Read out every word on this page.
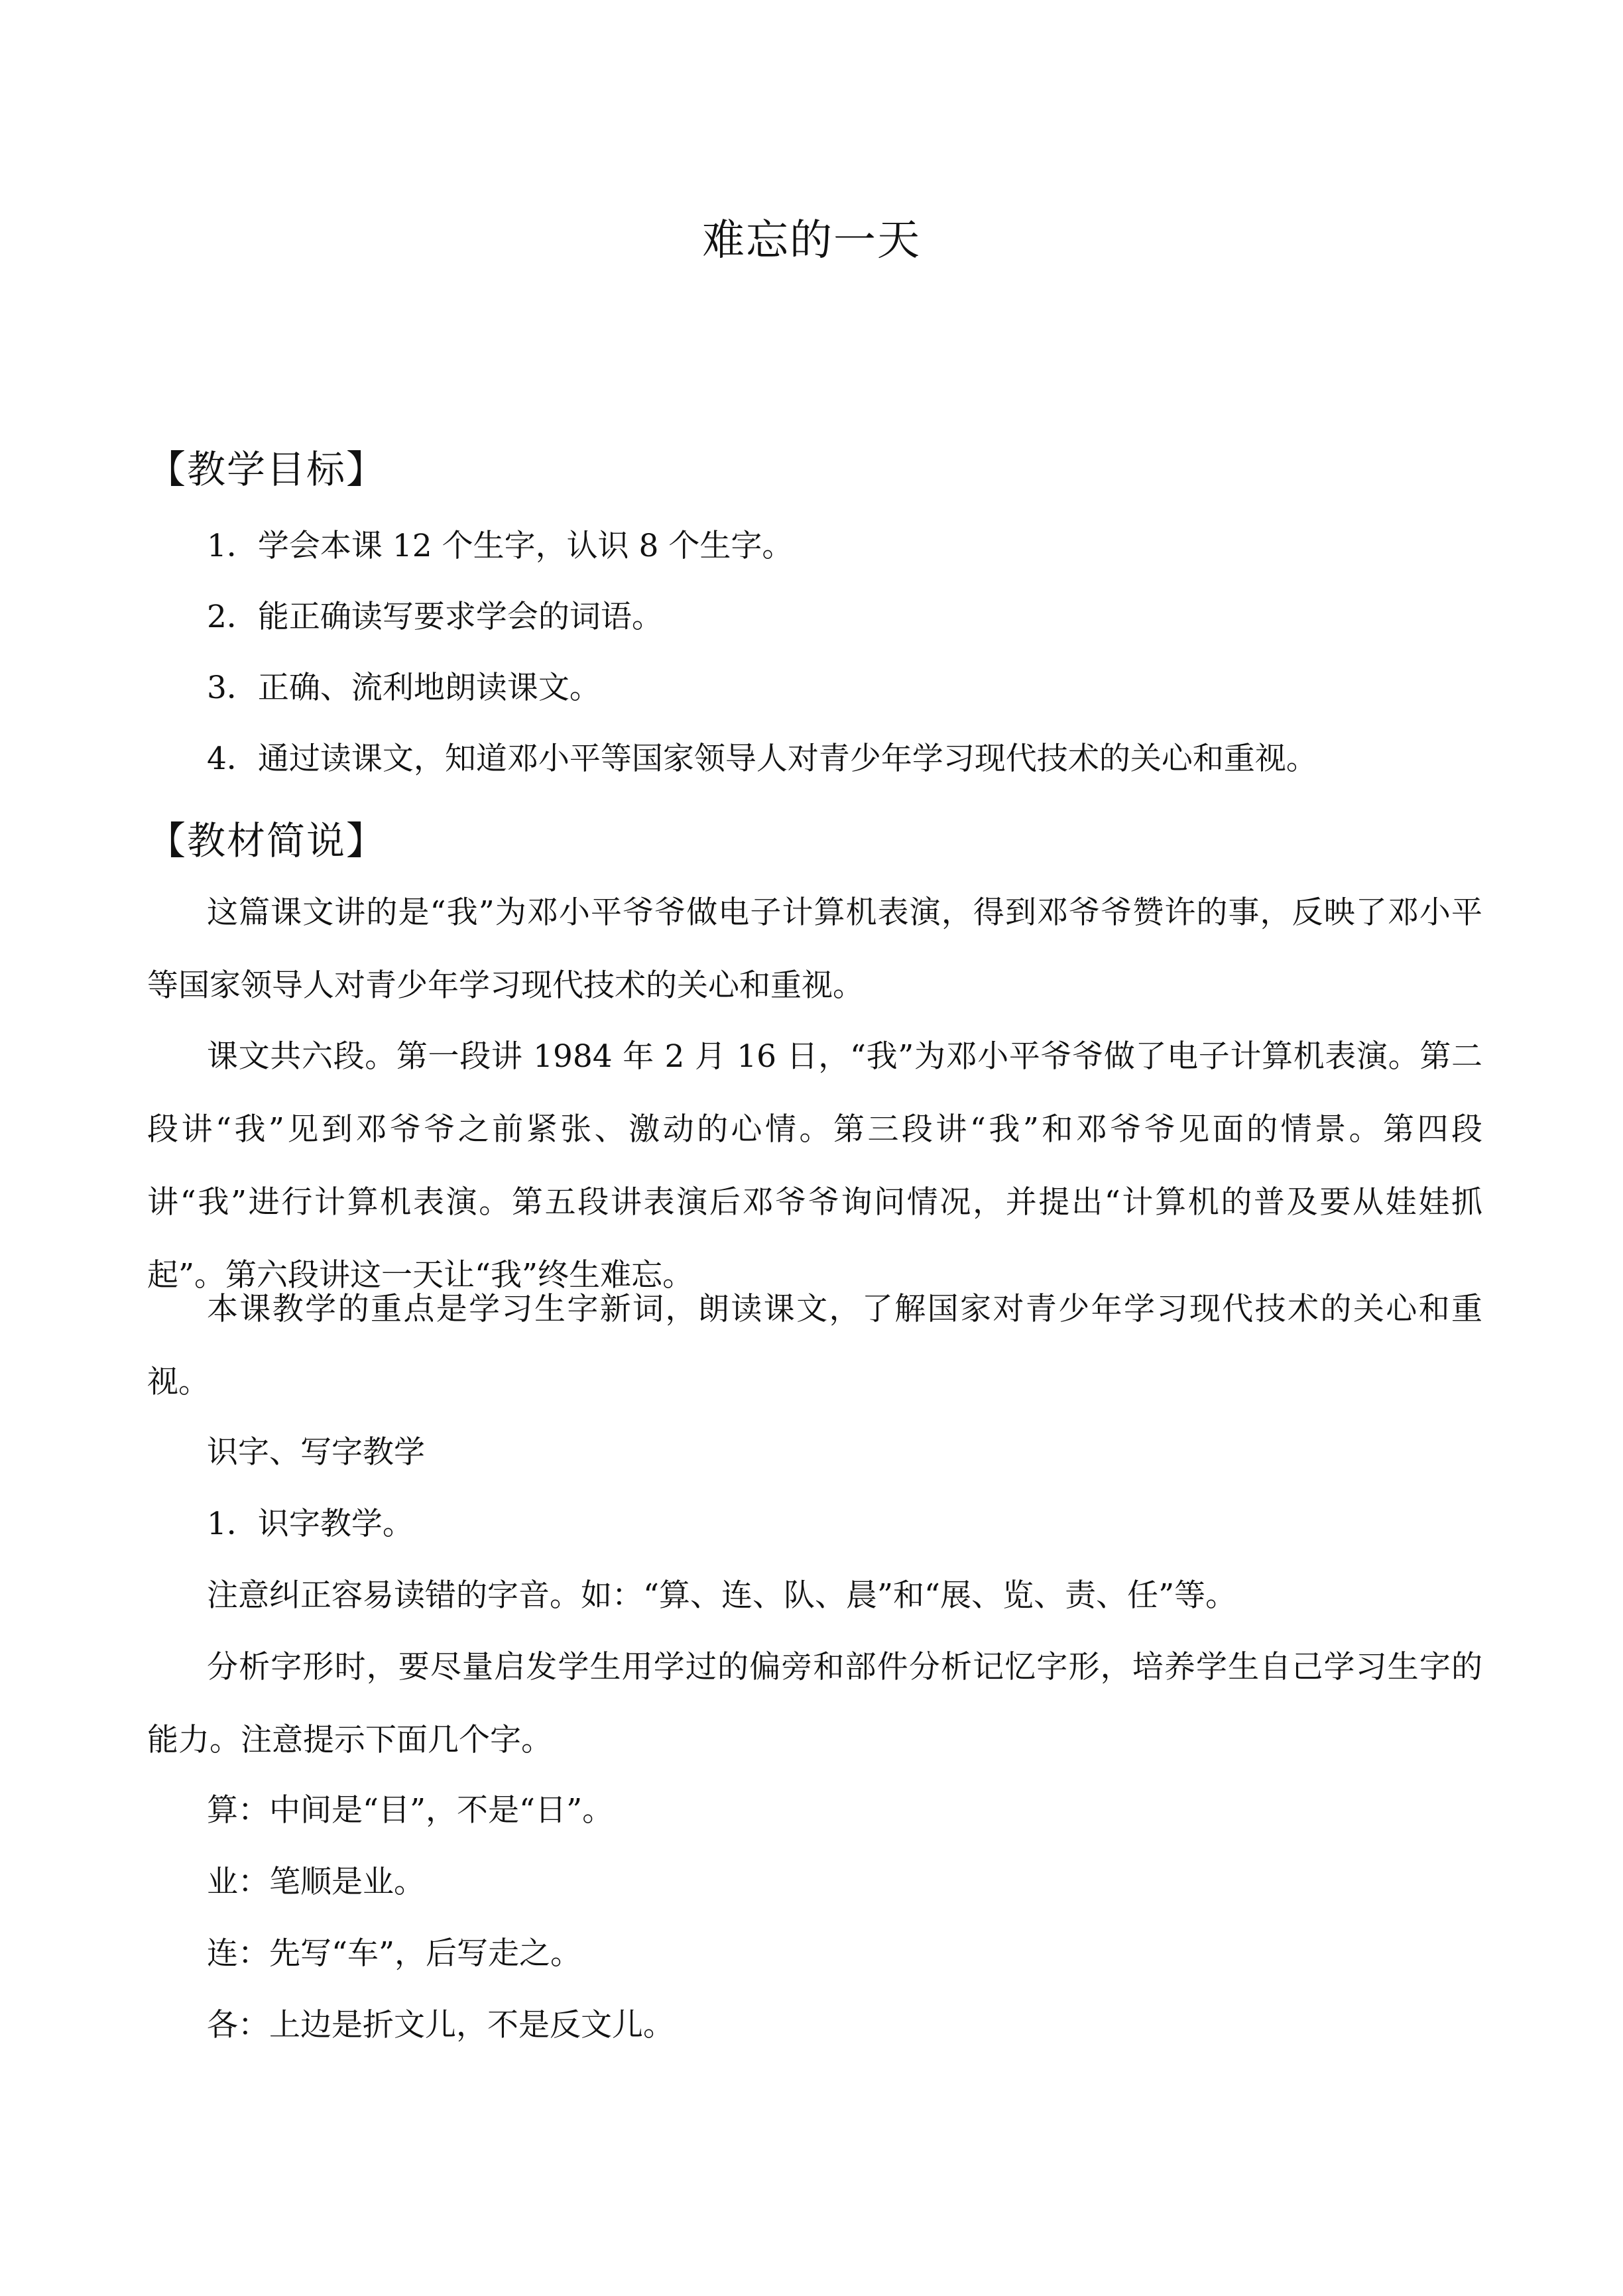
难忘的一天
【教学目标】
1．学会本课 12 个生字，认识 8 个生字。
2．能正确读写要求学会的词语。
3．正确、流利地朗读课文。
4．通过读课文，知道邓小平等国家领导人对青少年学习现代技术的关心和重视。
【教材简说】
这篇课文讲的是“我”为邓小平爷爷做电子计算机表演，得到邓爷爷赞许的事，反映了邓小平等国家领导人对青少年学习现代技术的关心和重视。
课文共六段。第一段讲 1984 年 2 月 16 日，“我”为邓小平爷爷做了电子计算机表演。第二段讲“我”见到邓爷爷之前紧张、激动的心情。第三段讲“我”和邓爷爷见面的情景。第四段讲“我”进行计算机表演。第五段讲表演后邓爷爷询问情况，并提出“计算机的普及要从娃娃抓起”。第六段讲这一天让“我”终生难忘。
本课教学的重点是学习生字新词，朗读课文，了解国家对青少年学习现代技术的关心和重视。
识字、写字教学
1．识字教学。
注意纠正容易读错的字音。如：“算、连、队、晨”和“展、览、责、任”等。
分析字形时，要尽量启发学生用学过的偏旁和部件分析记忆字形，培养学生自己学习生字的能力。注意提示下面几个字。
算：中间是“目”，不是“日”。
业：笔顺是业。
连：先写“车”，后写走之。
各：上边是折文儿，不是反文儿。
